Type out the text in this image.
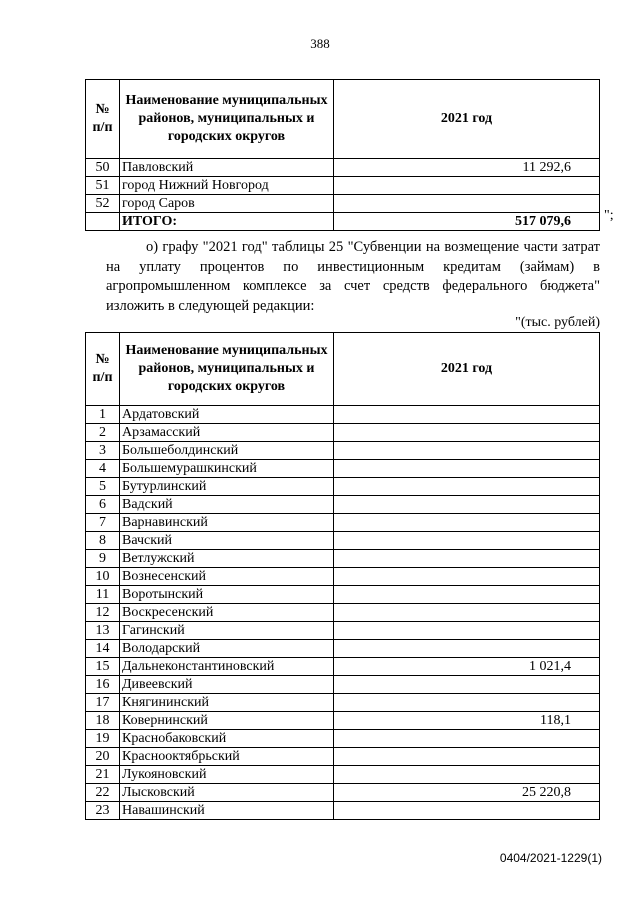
388
№ п/п	Наименование муниципальных районов, муниципальных и городских округов	2021 год
50	Павловский	11 292,6
51	город Нижний Новгород	
52	город Саров	
	ИТОГО:	517 079,6 ";
о) графу "2021 год" таблицы 25 "Субвенции на возмещение части затрат на уплату процентов по инвестиционным кредитам (займам) в агропромышленном комплексе за счет средств федерального бюджета" изложить в следующей редакции:
"(тыс. рублей)
№ п/п	Наименование муниципальных районов, муниципальных и городских округов	2021 год
1	Ардатовский	
2	Арзамасский	
3	Большеболдинский	
4	Большемурашкинский	
5	Бутурлинский	
6	Вадский	
7	Варнавинский	
8	Вачский	
9	Ветлужский	
10	Вознесенский	
11	Воротынский	
12	Воскресенский	
13	Гагинский	
14	Володарский	
15	Дальнеконстантиновский	1 021,4
16	Дивеевский	
17	Княгининский	
18	Ковернинский	118,1
19	Краснобаковский	
20	Краснооктябрьский	
21	Лукояновский	
22	Лысковский	25 220,8
23	Навашинский	
0404/2021-1229(1)
